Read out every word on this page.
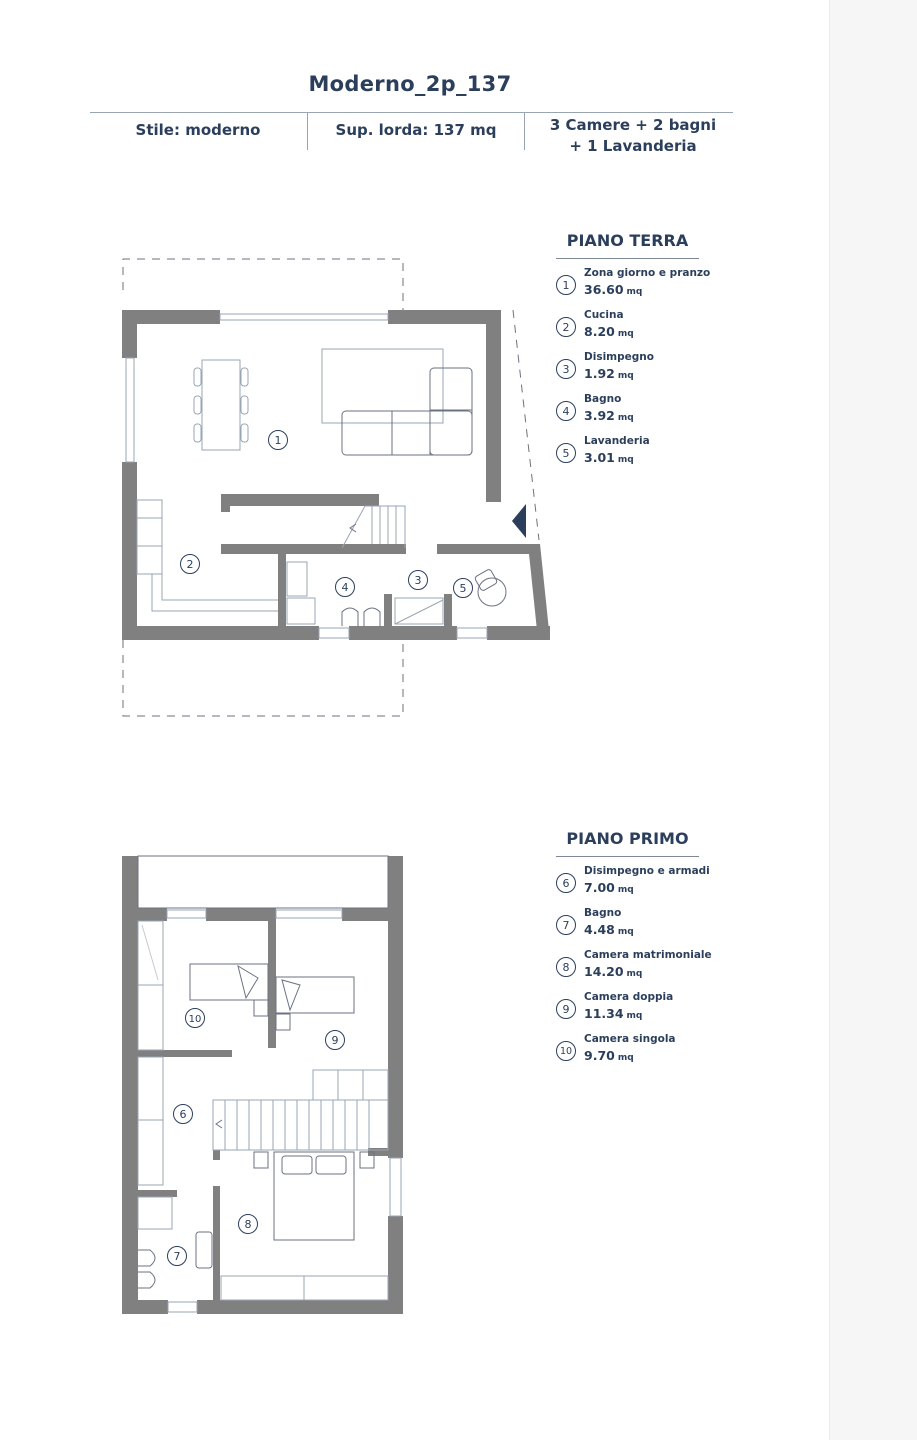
Moderno_2p_137
Stile: moderno	Sup. lorda: 137 mq	3 Camere + 2 bagni
+ 1 Lavanderia
1
2
3
4	5
6
7
8
9
10
PIANO TERRA
1
Zona giorno e pranzo
36.60 mq
2
Cucina
8.20 mq
3
Disimpegno
1.92 mq
4
Bagno
3.92 mq
5
Lavanderia
3.01 mq
PIANO PRIMO
6
Disimpegno e armadi
7.00 mq
7
Bagno
4.48 mq
8
Camera matrimoniale
14.20 mq
9
Camera doppia
11.34 mq
10
Camera singola
9.70 mq
